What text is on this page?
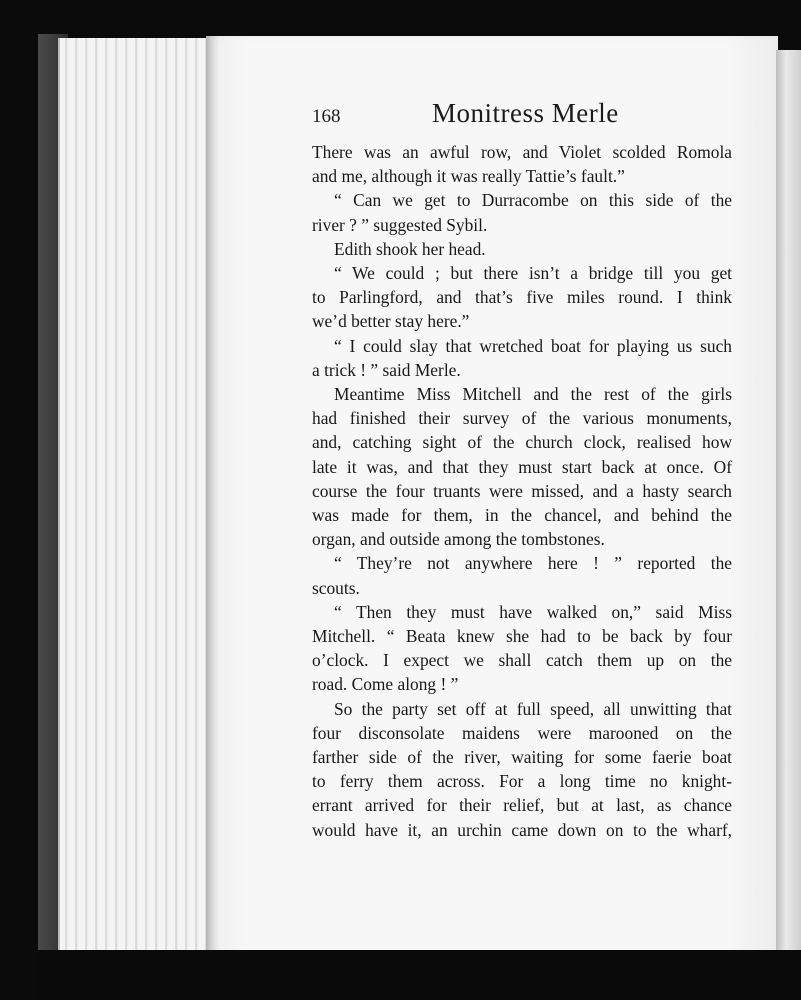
168	Monitress Merle
There was an awful row, and Violet scolded Romola
and me, although it was really Tattie’s fault.”
“ Can we get to Durracombe on this side of the
river ? ” suggested Sybil.
Edith shook her head.
“ We could ; but there isn’t a bridge till you get
to Parlingford, and that’s five miles round. I think
we’d better stay here.”
“ I could slay that wretched boat for playing us such
a trick ! ” said Merle.
Meantime Miss Mitchell and the rest of the girls
had finished their survey of the various monuments,
and, catching sight of the church clock, realised how
late it was, and that they must start back at once. Of
course the four truants were missed, and a hasty search
was made for them, in the chancel, and behind the
organ, and outside among the tombstones.
“ They’re not anywhere here ! ” reported the
scouts.
“ Then they must have walked on,” said Miss
Mitchell. “ Beata knew she had to be back by four
o’clock. I expect we shall catch them up on the
road. Come along ! ”
So the party set off at full speed, all unwitting that
four disconsolate maidens were marooned on the
farther side of the river, waiting for some faerie boat
to ferry them across. For a long time no knight-
errant arrived for their relief, but at last, as chance
would have it, an urchin came down on to the wharf,
